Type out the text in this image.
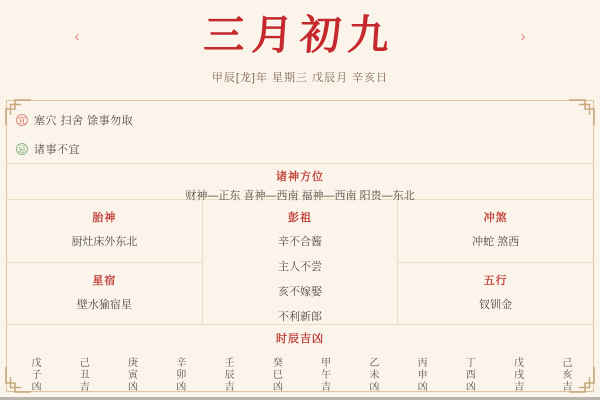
‹	三月初九	›
甲辰[龙]年 星期三 戊辰月 辛亥日
宜 塞穴 扫舍 馀事勿取
忌 诸事不宜
诸神方位
财神—正东 喜神—西南 福神—西南 阳贵—东北
胎神
厨灶床外东北
星宿
壁水㺄宿星
彭祖
辛不合酱
主人不尝
亥不嫁娶
不利新郎
冲煞
冲蛇 煞西
五行
钗钏金
时辰吉凶
戊子凶	己丑吉	庚寅凶	辛卯凶	壬辰吉	癸巳凶	甲午吉	乙未凶	丙申凶	丁酉凶	戊戌吉	己亥吉
